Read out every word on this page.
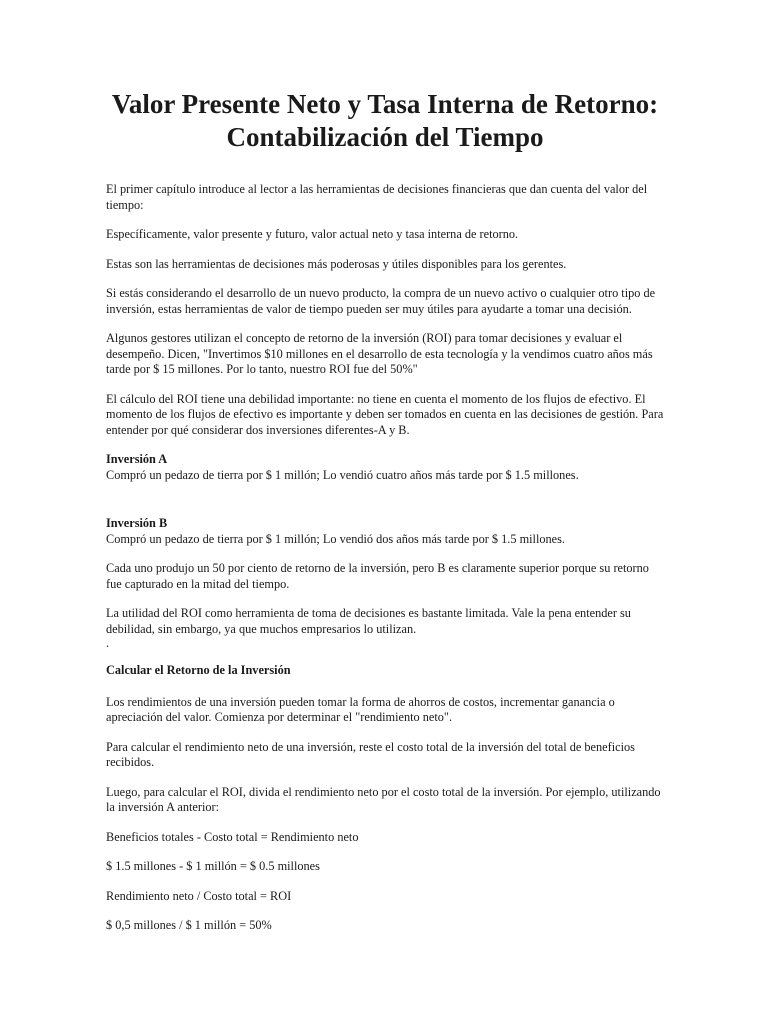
Valor Presente Neto y Tasa Interna de Retorno:
Contabilización del Tiempo

El primer capítulo introduce al lector a las herramientas de decisiones financieras que dan cuenta del valor del tiempo:

Específicamente, valor presente y futuro, valor actual neto y tasa interna de retorno.

Estas son las herramientas de decisiones más poderosas y útiles disponibles para los gerentes.

Si estás considerando el desarrollo de un nuevo producto, la compra de un nuevo activo o cualquier otro tipo de inversión, estas herramientas de valor de tiempo pueden ser muy útiles para ayudarte a tomar una decisión.

Algunos gestores utilizan el concepto de retorno de la inversión (ROI) para tomar decisiones y evaluar el desempeño. Dicen, "Invertimos $10 millones en el desarrollo de esta tecnología y la vendimos cuatro años más tarde por $ 15 millones. Por lo tanto, nuestro ROI fue del 50%"

El cálculo del ROI tiene una debilidad importante: no tiene en cuenta el momento de los flujos de efectivo. El momento de los flujos de efectivo es importante y deben ser tomados en cuenta en las decisiones de gestión. Para entender por qué considerar dos inversiones diferentes-A y B.

Inversión A

Compró un pedazo de tierra por $ 1 millón; Lo vendió cuatro años más tarde por $ 1.5 millones.

Inversión B

Compró un pedazo de tierra por $ 1 millón; Lo vendió dos años más tarde por $ 1.5 millones.

Cada uno produjo un 50 por ciento de retorno de la inversión, pero B es claramente superior porque su retorno fue capturado en la mitad del tiempo.

La utilidad del ROI como herramienta de toma de decisiones es bastante limitada. Vale la pena entender su debilidad, sin embargo, ya que muchos empresarios lo utilizan.

.

Calcular el Retorno de la Inversión

Los rendimientos de una inversión pueden tomar la forma de ahorros de costos, incrementar ganancia o apreciación del valor. Comienza por determinar el "rendimiento neto".

Para calcular el rendimiento neto de una inversión, reste el costo total de la inversión del total de beneficios recibidos.

Luego, para calcular el ROI, divida el rendimiento neto por el costo total de la inversión. Por ejemplo, utilizando la inversión A anterior:

Beneficios totales - Costo total = Rendimiento neto

$ 1.5 millones - $ 1 millón = $ 0.5 millones

Rendimiento neto / Costo total = ROI

$ 0,5 millones / $ 1 millón = 50%
